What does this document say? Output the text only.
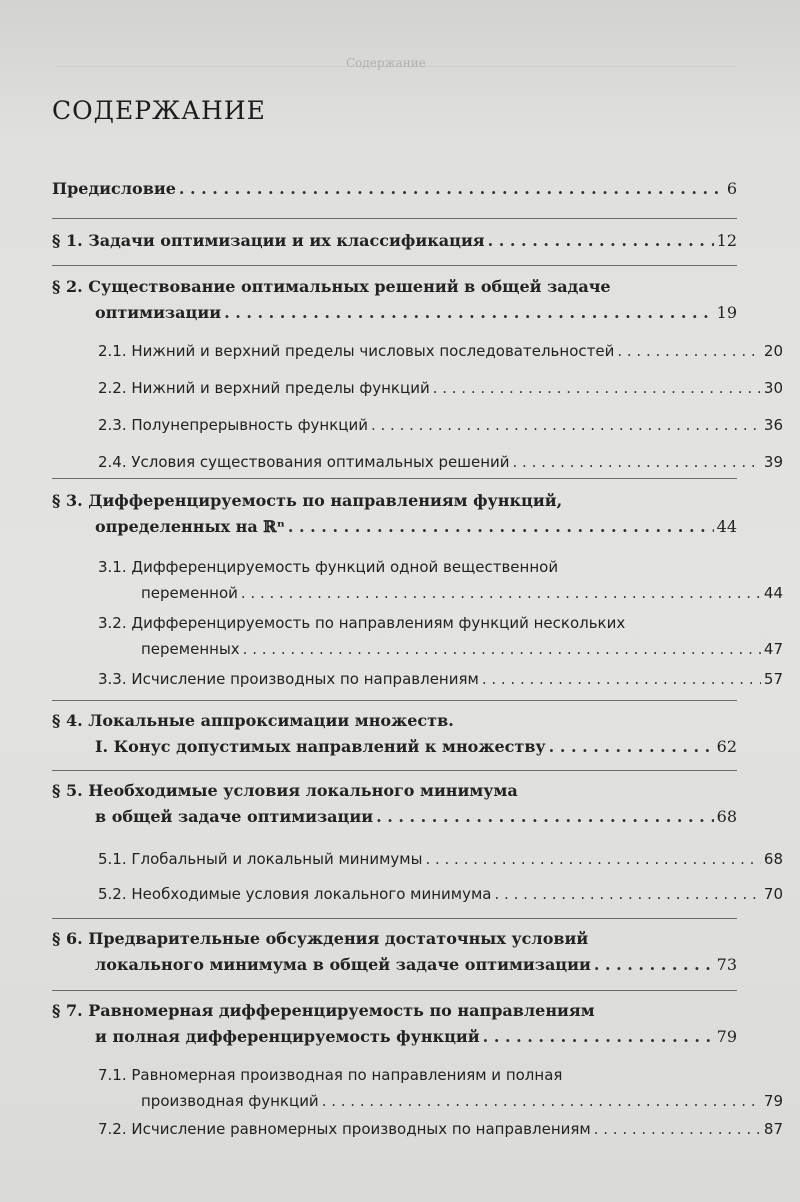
Содержание
СОДЕРЖАНИЕ
Предисловие . . .	6
§ 1. Задачи оптимизации и их классификация . . .	12
§ 2. Существование оптимальных решений в общей задаче
оптимизации . . .	19
2.1. Нижний и верхний пределы числовых последовательностей . . .	20
2.2. Нижний и верхний пределы функций . . .	30
2.3. Полунепрерывность функций . . .	36
2.4. Условия существования оптимальных решений . . .	39
§ 3. Дифференцируемость по направлениям функций,
определенных на ℝⁿ . . .	44
3.1. Дифференцируемость функций одной вещественной
переменной . . .	44
3.2. Дифференцируемость по направлениям функций нескольких
переменных . . .	47
3.3. Исчисление производных по направлениям . . .	57
§ 4. Локальные аппроксимации множеств.
I. Конус допустимых направлений к множеству . . .	62
§ 5. Необходимые условия локального минимума
в общей задаче оптимизации . . .	68
5.1. Глобальный и локальный минимумы . . .	68
5.2. Необходимые условия локального минимума . . .	70
§ 6. Предварительные обсуждения достаточных условий
локального минимума в общей задаче оптимизации . . .	73
§ 7. Равномерная дифференцируемость по направлениям
и полная дифференцируемость функций . . .	79
7.1. Равномерная производная по направлениям и полная
производная функций . . .	79
7.2. Исчисление равномерных производных по направлениям . . .	87
